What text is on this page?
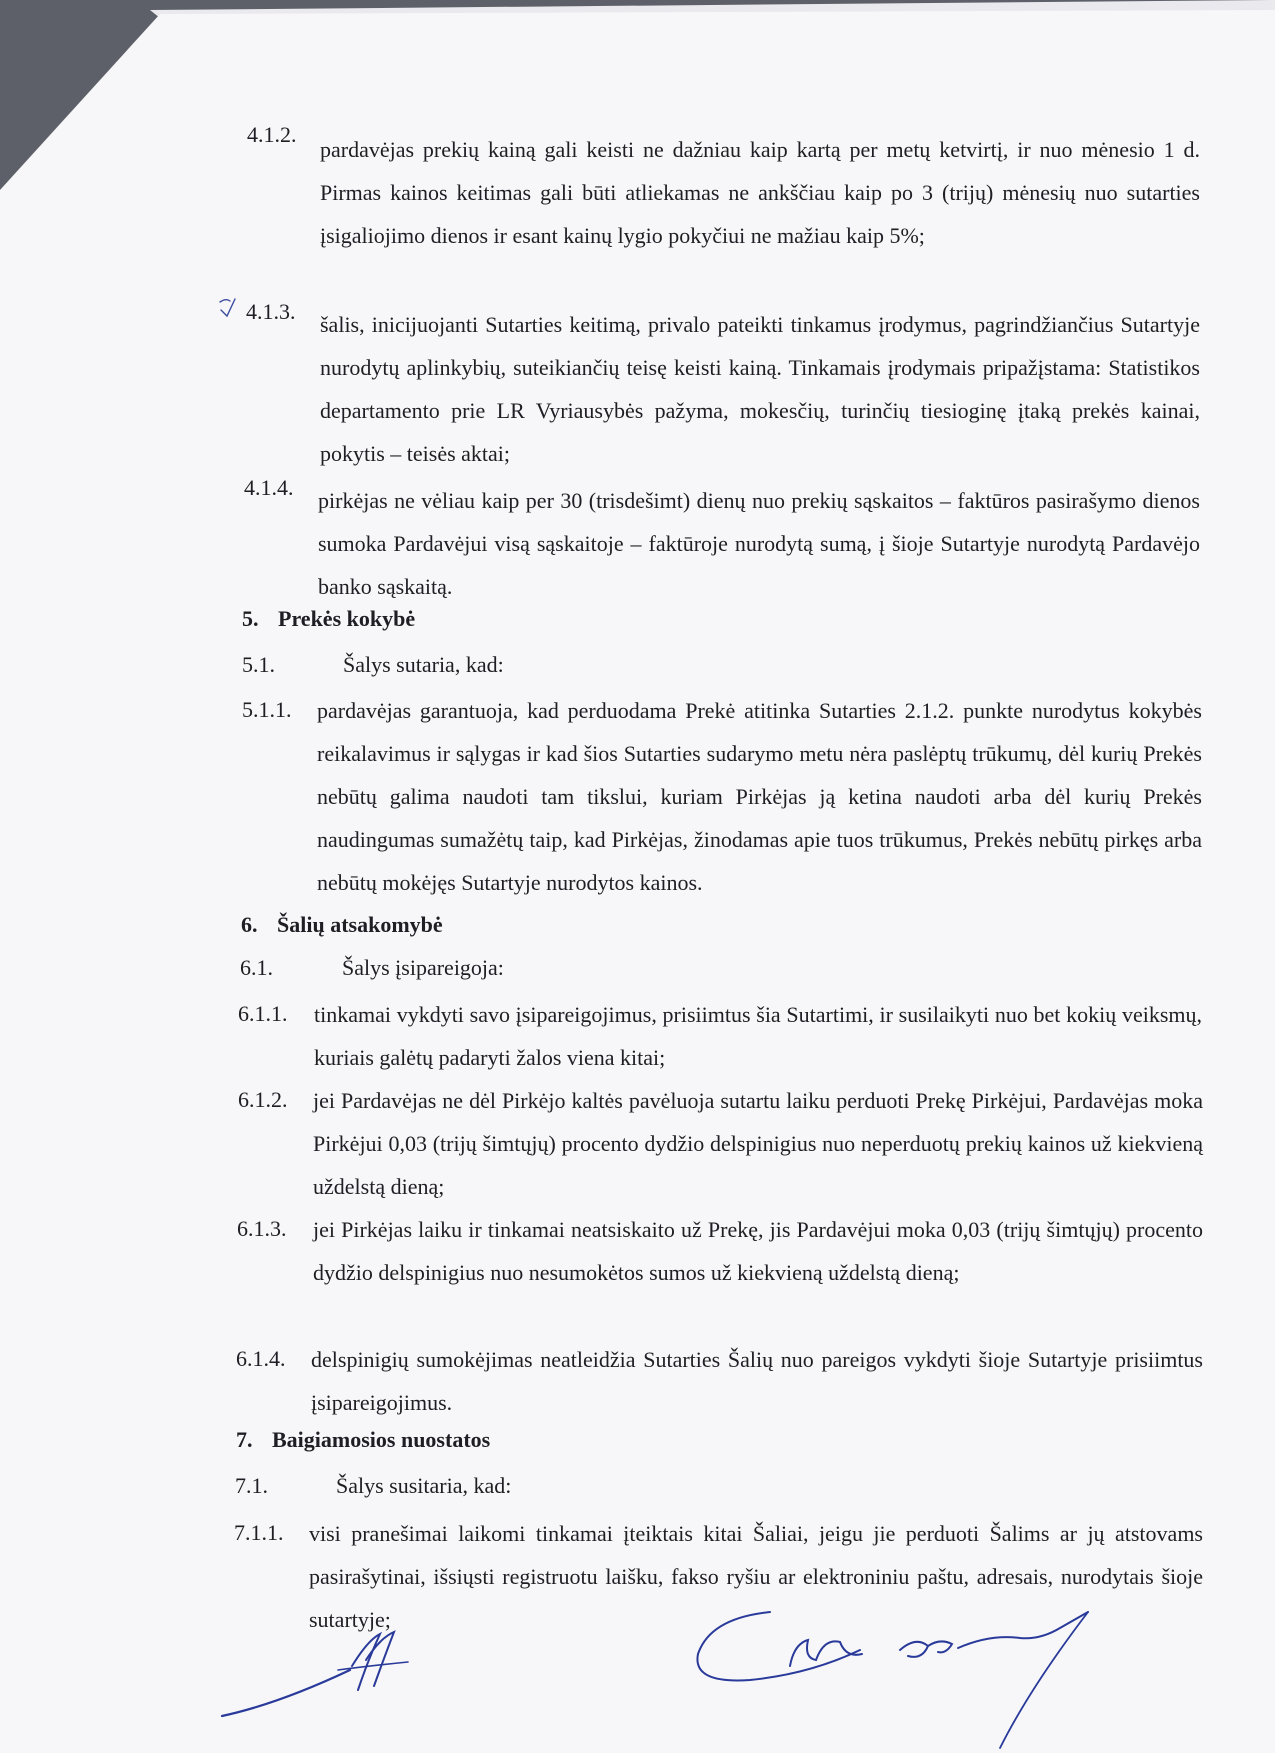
4.1.2.
pardavėjas prekių kainą gali keisti ne dažniau kaip kartą per metų ketvirtį, ir nuo mėnesio 1 d. Pirmas kainos keitimas gali būti atliekamas ne ankščiau kaip po 3 (trijų) mėnesių nuo sutarties įsigaliojimo dienos ir esant kainų lygio pokyčiui ne mažiau kaip 5%;
4.1.3.
šalis, inicijuojanti Sutarties keitimą, privalo pateikti tinkamus įrodymus, pagrindžiančius Sutartyje nurodytų aplinkybių, suteikiančių teisę keisti kainą. Tinkamais įrodymais pripažįstama: Statistikos departamento prie LR Vyriausybės pažyma, mokesčių, turinčių tiesioginę įtaką prekės kainai, pokytis – teisės aktai;
4.1.4.
pirkėjas ne vėliau kaip per 30 (trisdešimt) dienų nuo prekių sąskaitos – faktūros pasirašymo dienos sumoka Pardavėjui visą sąskaitoje – faktūroje nurodytą sumą, į šioje Sutartyje nurodytą Pardavėjo banko sąskaitą.
5. Prekės kokybė
5.1.	Šalys sutaria, kad:
5.1.1. pardavėjas garantuoja, kad perduodama Prekė atitinka Sutarties 2.1.2. punkte nurodytus kokybės reikalavimus ir sąlygas ir kad šios Sutarties sudarymo metu nėra paslėptų trūkumų, dėl kurių Prekės nebūtų galima naudoti tam tikslui, kuriam Pirkėjas ją ketina naudoti arba dėl kurių Prekės naudingumas sumažėtų taip, kad Pirkėjas, žinodamas apie tuos trūkumus, Prekės nebūtų pirkęs arba nebūtų mokėjęs Sutartyje nurodytos kainos.
6. Šalių atsakomybė
6.1.	Šalys įsipareigoja:
6.1.1. tinkamai vykdyti savo įsipareigojimus, prisiimtus šia Sutartimi, ir susilaikyti nuo bet kokių veiksmų, kuriais galėtų padaryti žalos viena kitai;
6.1.2. jei Pardavėjas ne dėl Pirkėjo kaltės pavėluoja sutartu laiku perduoti Prekę Pirkėjui, Pardavėjas moka Pirkėjui 0,03 (trijų šimtųjų) procento dydžio delspinigius nuo neperduotų prekių kainos už kiekvieną uždelstą dieną;
6.1.3. jei Pirkėjas laiku ir tinkamai neatsiskaito už Prekę, jis Pardavėjui moka 0,03 (trijų šimtųjų) procento dydžio delspinigius nuo nesumokėtos sumos už kiekvieną uždelstą dieną;
6.1.4. delspinigių sumokėjimas neatleidžia Sutarties Šalių nuo pareigos vykdyti šioje Sutartyje prisiimtus įsipareigojimus.
7. Baigiamosios nuostatos
7.1.	Šalys susitaria, kad:
7.1.1. visi pranešimai laikomi tinkamai įteiktais kitai Šaliai, jeigu jie perduoti Šalims ar jų atstovams pasirašytinai, išsiųsti registruotu laišku, fakso ryšiu ar elektroniniu paštu, adresais, nurodytais šioje sutartyje;
